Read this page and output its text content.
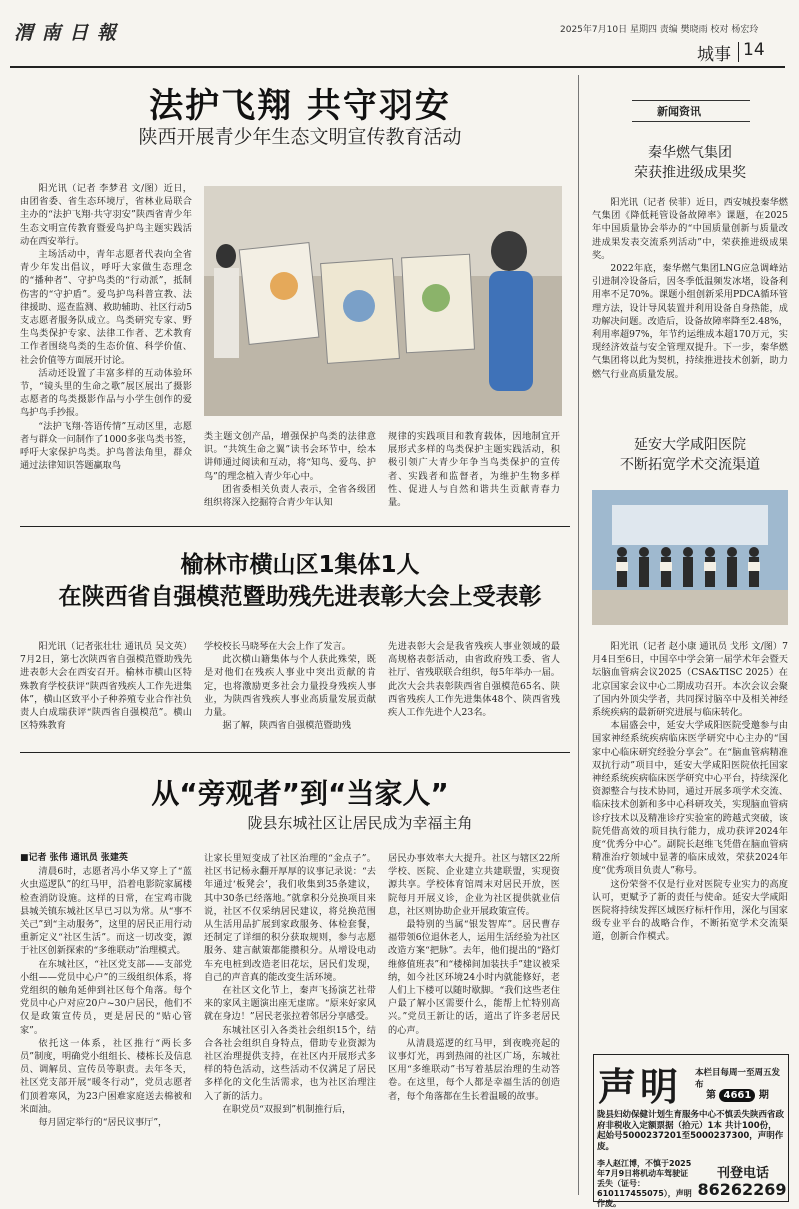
渭 南 日 報	2025年7月10日 星期四 责编 樊晓雨 校对 杨宏玲
城事 14
法护飞翔 共守羽安
陕西开展青少年生态文明宣传教育活动

阳光讯（记者 李梦君 文/图）近日，由团省委、省生态环境厅，省林业局联合主办的“法护飞翔·共守羽安”陕西省青少年生态文明宣传教育暨爱鸟护鸟主题实践活动在西安举行。

主场活动中，青年志愿者代表向全省青少年发出倡议，呼吁大家做生态理念的“播种者”、守护鸟类的“行动派”，抵制伤害的“守护盾”。爱鸟护鸟科普宣教、法律援助、巡查监测、救助辅助、社区行动5支志愿者服务队成立。鸟类研究专家、野生鸟类保护专家、法律工作者、艺术教育工作者围绕鸟类的生态价值、科学价值、社会价值等方面展开讨论。

活动还设置了丰富多样的互动体验环节，“镜头里的生命之歌”展区展出了摄影志愿者的鸟类摄影作品与小学生创作的爱鸟护鸟手抄报。

“法护飞翔·答语传情”互动区里，志愿者与群众一问制作了1000多张鸟类书签，呼吁大家保护鸟类。护鸟普法角里，群众通过法律知识答题赢取鸟

类主题文创产品，增强保护鸟类的法律意识。“共筑生命之翼”读书会环节中，绘本讲师通过阅读和互动，将“知鸟、爱鸟、护鸟”的理念植入青少年心中。

团省委相关负责人表示，全省各级团组织将深入挖掘符合青少年认知

规律的实践项目和教育载体，因地制宜开展形式多样的鸟类保护主题实践活动，积极引领广大青少年争当鸟类保护的宣传者、实践者和监督者，为维护生物多样性、促进人与自然和谐共生贡献青春力量。

榆林市横山区1集体1人
在陕西省自强模范暨助残先进表彰大会上受表彰

阳光讯（记者张壮壮 通讯员 吴文英）7月2日，第七次陕西省自强模范暨助残先进表彰大会在西安召开。榆林市横山区特殊教育学校获评“陕西省残疾人工作先进集体”，横山区致平小子种养殖专业合作社负责人白成瑞获评“陕西省自强模范”。横山区特殊教育

学校校长马晓琴在大会上作了发言。

此次横山籍集体与个人获此殊荣，既是对他们在残疾人事业中突出贡献的肯定，也将激励更多社会力量投身残疾人事业，为陕西省残疾人事业高质量发展贡献力量。

据了解，陕西省自强模范暨助残

先进表彰大会是我省残疾人事业领域的最高规格表彰活动，由省政府残工委、省人社厅、省残联联合组织，每5年举办一届。此次大会共表彰陕西省自强模范65名、陕西省残疾人工作先进集体48个、陕西省残疾人工作先进个人23名。

从“旁观者”到“当家人”
陇县东城社区让居民成为幸福主角

■记者 张伟 通讯员 张建英

清晨6时，志愿者冯小华又穿上了“蓝火虫巡逻队”的红马甲，沿着电影院家属楼检查消防设施。这样的日常，在宝鸡市陇县城关镇东城社区早已习以为常。从“事不关己”到“主动服务”，这里的居民正用行动重新定义“社区生活”。而这一切改变，源于社区创新探索的“多维联动”治理模式。

在东城社区，“社区党支部——支部党小组——党员中心户”的三级组织体系，将党组织的触角延伸到社区每个角落。每个党员中心户对应20户~30户居民，他们不仅是政策宣传员，更是居民的“贴心管家”。

依托这一体系，社区推行“两长多员”制度，明确党小组组长、楼栋长及信息员、调解员、宣传员等职责。去年冬天，社区党支部开展“暖冬行动”，党员志愿者们顶着寒风，为23户困难家庭送去棉被和米面油。

每月固定举行的“居民议事厅”，

让家长里短变成了社区治理的“金点子”。社区书记杨永翻开厚厚的议事记录说：“去年通过‘板凳会’，我们收集到35条建议，其中30条已经落地。”就拿积分兑换项目来说，社区不仅采纳居民建议，将兑换范围从生活用品扩展到家政服务、体检套餐，还制定了详细的积分获取规则，参与志愿服务、建言献策都能攒积分。从增设电动车充电桩到改造老旧花坛，居民们发现，自己的声音真的能改变生活环境。

在社区文化节上，秦声飞扬演艺社带来的家风主题演出座无虚席。“原来好家风就在身边！”居民老张拉着邻居分享感受。

东城社区引入各类社会组织15个，结合各社会组织自身特点，借助专业资源为社区治理提供支持，在社区内开展形式多样的特色活动，这些活动不仅满足了居民多样化的文化生活需求，也为社区治理注入了新的活力。

在职党员“双报到”机制推行后，

居民办事效率大大提升。社区与辖区22所学校、医院、企业建立共建联盟，实现资源共享。学校体育馆周末对居民开放，医院每月开展义诊，企业为社区提供就业信息，社区则协助企业开展政策宣传。

最特别的当属“银发智库”。居民曹存福带领6位退休老人，运用生活经验为社区改造方案“把脉”。去年，他们提出的“路灯维修值班表”和“楼梯间加装扶手”建议被采纳，如今社区环境24小时内就能修好，老人们上下楼可以随时歇脚。“我们这些老住户最了解小区需要什么，能帮上忙特别高兴。”党员王新让的话，道出了许多老居民的心声。

从清晨巡逻的红马甲，到夜晚亮起的议事灯光，再到热闹的社区广场，东城社区用“多维联动”书写着基层治理的生动答卷。在这里，每个人都是幸福生活的创造者，每个角落都在生长着温暖的故事。

新闻资讯
秦华燃气集团
荣获推进级成果奖

阳光讯（记者 侯菲）近日，西安城投秦华燃气集团《降低耗管设备故障率》课题，在2025年中国质量协会举办的“中国质量创新与质量改进成果发表交流系列活动”中，荣获推进级成果奖。

2022年底，秦华燃气集团LNG应急调峰站引进制冷设备后，因冬季低温频发冰堵，设备利用率不足70%。课题小组创新采用PDCA循环管理方法，设计导风装置并利用设备自身热能，成功解决问题。改造后，设备故障率降至2.48%，利用率超97%，年节约运维成本超170万元，实现经济效益与安全管理双提升。下一步，秦华燃气集团将以此为契机，持续推进技术创新，助力燃气行业高质量发展。

延安大学咸阳医院
不断拓宽学术交流渠道

阳光讯（记者 赵小康 通讯员 戈彤 文/图）7月4日至6日，中国卒中学会第一届学术年会暨天坛脑血管病会议2025（CSA&TISC 2025）在北京国家会议中心二期成功召开。本次会议会聚了国内外顶尖学者，共同探讨脑卒中及相关神经系统疾病的最新研究进展与临床转化。

本届盛会中，延安大学咸阳医院受邀参与由国家神经系统疾病临床医学研究中心主办的“国家中心临床研究经验分享会”。在“脑血管病精准双抗行动”项目中，延安大学咸阳医院依托国家神经系统疾病临床医学研究中心平台，持续深化资源整合与技术协同，通过开展多项学术交流、临床技术创新和多中心科研攻关，实现脑血管病诊疗技术以及精准诊疗实验室的跨越式突破，该院凭借高效的项目执行能力，成功获评2024年度“优秀分中心”。副院长赵维飞凭借在脑血管病精准治疗领域中显著的临床成效，荣获2024年度“优秀项目负责人”称号。

这份荣誉不仅是行业对医院专业实力的高度认可，更赋予了新的责任与使命。延安大学咸阳医院将持续发挥区域医疗标杆作用，深化与国家级专业平台的战略合作，不断拓宽学术交流渠道，创新合作模式。

声明 本栏目每周一至周五发布
第 4661 期
陇县妇幼保健计划生育服务中心不慎丢失陕西省政府非税收入定额票据（拾元）1本 共计100份，起始号5000237201至5000237300，声明作废。
李人赵江博，不慎于2025年7月9日将机动车驾驶证丢失（证号：610117455075），声明作废。
刊登电话
86262269
